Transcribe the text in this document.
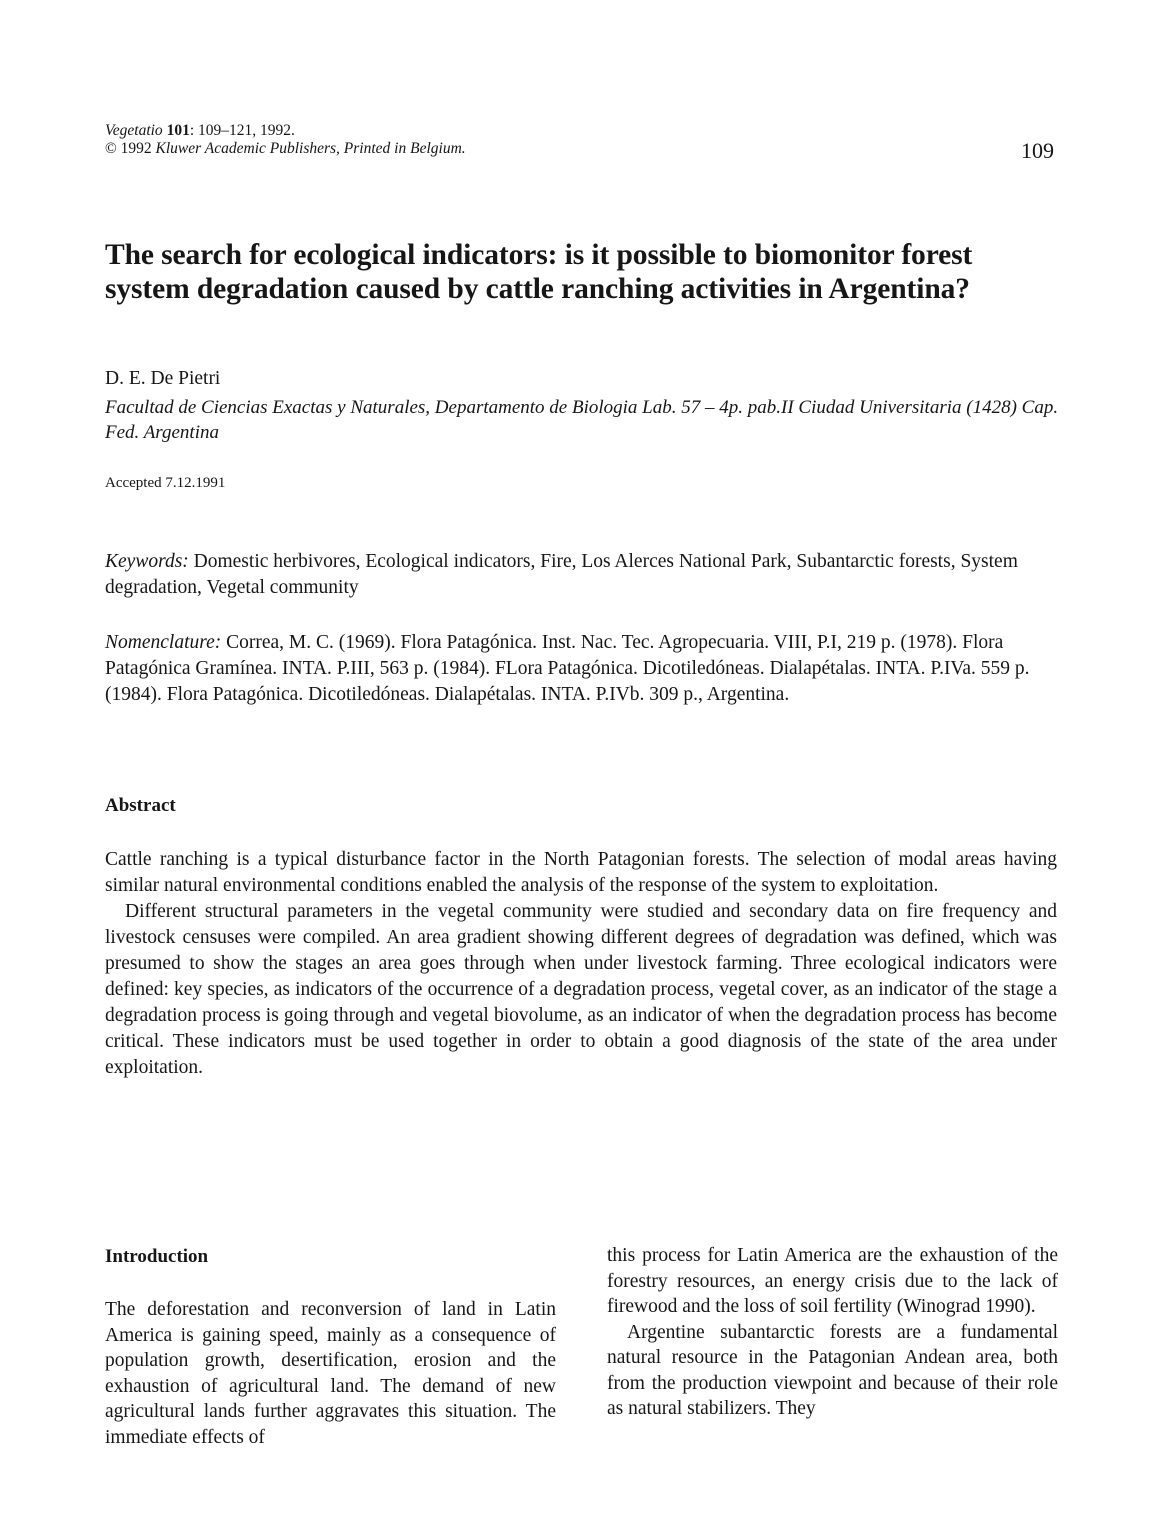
Vegetatio 101: 109–121, 1992.
© 1992 Kluwer Academic Publishers, Printed in Belgium.	109
The search for ecological indicators: is it possible to biomonitor forest system degradation caused by cattle ranching activities in Argentina?
D. E. De Pietri
Facultad de Ciencias Exactas y Naturales, Departamento de Biologia Lab. 57 – 4p. pab.II Ciudad Universitaria (1428) Cap. Fed. Argentina
Accepted 7.12.1991
Keywords: Domestic herbivores, Ecological indicators, Fire, Los Alerces National Park, Subantarctic forests, System degradation, Vegetal community
Nomenclature: Correa, M. C. (1969). Flora Patagónica. Inst. Nac. Tec. Agropecuaria. VIII, P.I, 219 p. (1978). Flora Patagónica Gramínea. INTA. P.III, 563 p. (1984). FLora Patagónica. Dicotiledóneas. Dialapétalas. INTA. P.IVa. 559 p. (1984). Flora Patagónica. Dicotiledóneas. Dialapétalas. INTA. P.IVb. 309 p., Argentina.
Abstract

Cattle ranching is a typical disturbance factor in the North Patagonian forests. The selection of modal areas having similar natural environmental conditions enabled the analysis of the response of the system to exploitation.

Different structural parameters in the vegetal community were studied and secondary data on fire frequency and livestock censuses were compiled. An area gradient showing different degrees of degradation was defined, which was presumed to show the stages an area goes through when under livestock farming. Three ecological indicators were defined: key species, as indicators of the occurrence of a degradation process, vegetal cover, as an indicator of the stage a degradation process is going through and vegetal biovolume, as an indicator of when the degradation process has become critical. These indicators must be used together in order to obtain a good diagnosis of the state of the area under exploitation.

Introduction

The deforestation and reconversion of land in Latin America is gaining speed, mainly as a consequence of population growth, desertification, erosion and the exhaustion of agricultural land. The demand of new agricultural lands further aggravates this situation. The immediate effects of

this process for Latin America are the exhaustion of the forestry resources, an energy crisis due to the lack of firewood and the loss of soil fertility (Winograd 1990).

Argentine subantarctic forests are a fundamental natural resource in the Patagonian Andean area, both from the production viewpoint and because of their role as natural stabilizers. They
